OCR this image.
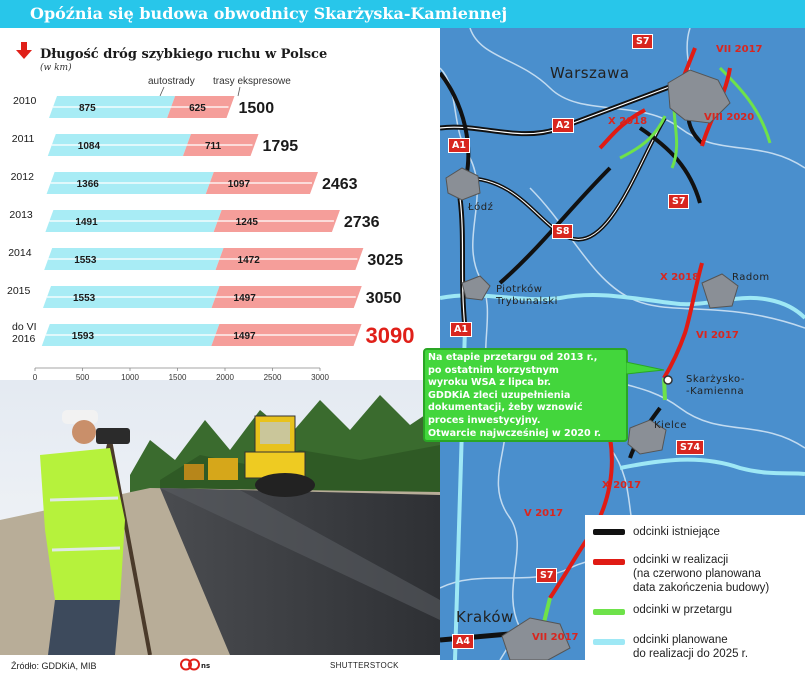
Opóźnia się budowa obwodnicy Skarżyska-Kamiennej
Długość dróg szybkiego ruchu w Polsce
(w km)
autostrady trasy ekspresowe
875	625 1500
2010
1084	711	1795
2011
1366	1097	2463
2012
1491	1245	2736
2013
1553	1472	3025
2014
1553	1497	3050
2015
1593	1497	3090
do VI
2016
0	500	1000	1500	2000	2500	3000
Źródło: GDDKiA, MIB	ns	SHUTTERSTOCK
Warszawa
Łódź
Piotrków
Trybunalski
Radom
Skarżysko-
-Kamienna
Kielce
Kraków
S7
A2
A1
S8
S7
A1
S74
S7
A4
VII 2017
X 2018	VIII 2020
X 2018
VI 2017
X 2017
V 2017
VII 2017
Na etapie przetargu od 2013 r.,
po ostatnim korzystnym
wyroku WSA z lipca br.
GDDKiA zleci uzupełnienia
dokumentacji, żeby wznowić
proces inwestycyjny.
Otwarcie najwcześniej w 2020 r.
odcinki istniejące
odcinki w realizacji
(na czerwono planowana
data zakończenia budowy)
odcinki w przetargu
odcinki planowane
do realizacji do 2025 r.
